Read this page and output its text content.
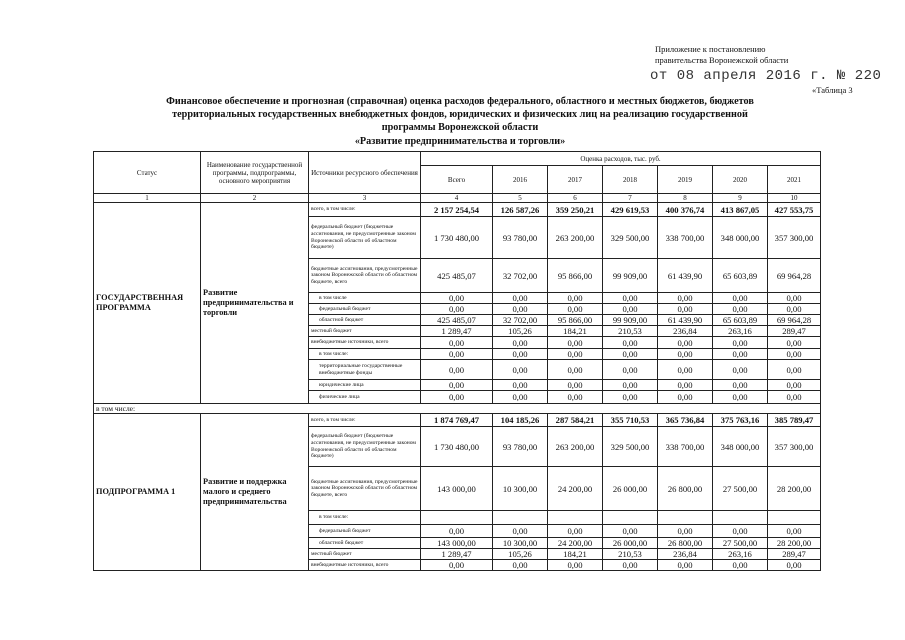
Приложение к постановлению
правительства Воронежской области
от 08 апреля 2016 г. № 220
«Таблица 3
Финансовое обеспечение и прогнозная (справочная) оценка расходов федерального, областного и местных бюджетов, бюджетов
территориальных государственных внебюджетных фондов, юридических и физических лиц на реализацию государственной
программы Воронежской области
«Развитие предпринимательства и торговли»
Статус	Наименование государственной программы, подпрограммы, основного мероприятия	Источники ресурсного обеспечения	Оценка расходов, тыс. руб.						
			Всего	2016	2017	2018	2019	2020	2021
1	2	3	4	5	6	7	8	9	10
ГОСУДАРСТВЕННАЯ ПРОГРАММА	Развитие предпринимательства и торговли	всего, в том числе:	2 157 254,54	126 587,26	359 250,21	429 619,53	400 376,74	413 867,05	427 553,75
		федеральный бюджет (бюджетные ассигнования, не предусмотренные законом Воронежской области об областном бюджете)	1 730 480,00	93 780,00	263 200,00	329 500,00	338 700,00	348 000,00	357 300,00
		бюджетные ассигнования, предусмотренные законом Воронежской области об областном бюджете, всего	425 485,07	32 702,00	95 866,00	99 909,00	61 439,90	65 603,89	69 964,28
		в том числе	0,00	0,00	0,00	0,00	0,00	0,00	0,00
		федеральный бюджет	0,00	0,00	0,00	0,00	0,00	0,00	0,00
		областной бюджет	425 485,07	32 702,00	95 866,00	99 909,00	61 439,90	65 603,89	69 964,28
		местный бюджет	1 289,47	105,26	184,21	210,53	236,84	263,16	289,47
		внебюджетные источники, всего	0,00	0,00	0,00	0,00	0,00	0,00	0,00
		в том числе:	0,00	0,00	0,00	0,00	0,00	0,00	0,00
		территориальные государственные внебюджетные фонды	0,00	0,00	0,00	0,00	0,00	0,00	0,00
		юридические лица	0,00	0,00	0,00	0,00	0,00	0,00	0,00
		физические лица	0,00	0,00	0,00	0,00	0,00	0,00	0,00
в том числе:									
ПОДПРОГРАММА 1	Развитие и поддержка малого и среднего предпринимательства	всего, в том числе:	1 874 769,47	104 185,26	287 584,21	355 710,53	365 736,84	375 763,16	385 789,47
		федеральный бюджет (бюджетные ассигнования, не предусмотренные законом Воронежской области об областном бюджете)	1 730 480,00	93 780,00	263 200,00	329 500,00	338 700,00	348 000,00	357 300,00
		бюджетные ассигнования, предусмотренные законом Воронежской области об областном бюджете, всего	143 000,00	10 300,00	24 200,00	26 000,00	26 800,00	27 500,00	28 200,00
		в том числе:							
		федеральный бюджет	0,00	0,00	0,00	0,00	0,00	0,00	0,00
		областной бюджет	143 000,00	10 300,00	24 200,00	26 000,00	26 800,00	27 500,00	28 200,00
		местный бюджет	1 289,47	105,26	184,21	210,53	236,84	263,16	289,47
		внебюджетные источники, всего	0,00	0,00	0,00	0,00	0,00	0,00	0,00
